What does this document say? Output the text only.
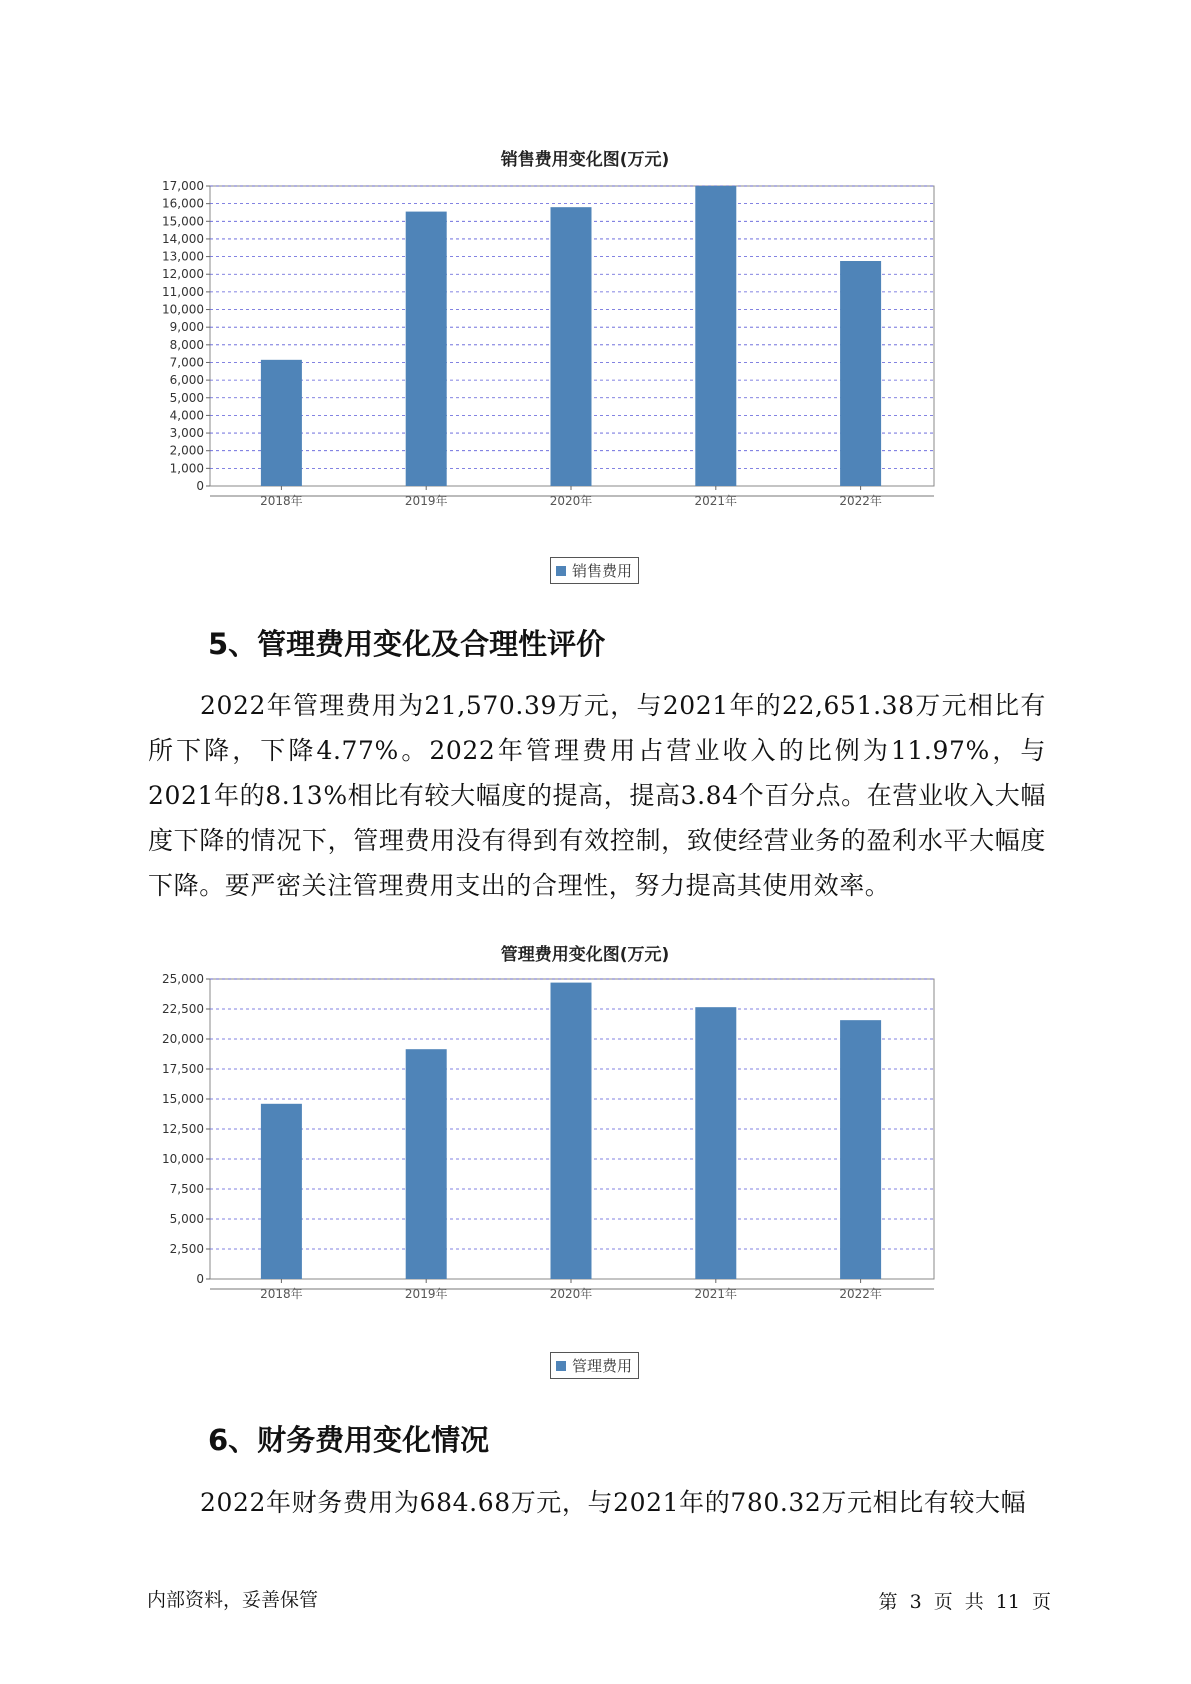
销售费用变化图(万元)
0
1,000
2,000
3,000
4,000
5,000
6,000
7,000
8,000
9,000
10,000
11,000
12,000
13,000
14,000
15,000
16,000
17,000
2018年	2019年	2020年	2021年	2022年
销售费用
5、管理费用变化及合理性评价

2022年管理费用为21,570.39万元，与2021年的22,651.38万元相比有所下降，下降4.77%。2022年管理费用占营业收入的比例为11.97%，与2021年的8.13%相比有较大幅度的提高，提高3.84个百分点。在营业收入大幅度下降的情况下，管理费用没有得到有效控制，致使经营业务的盈利水平大幅度下降。要严密关注管理费用支出的合理性，努力提高其使用效率。

管理费用变化图(万元)
0
2,500
5,000
7,500
10,000
12,500
15,000
17,500
20,000
22,500
25,000
2018年	2019年	2020年	2021年	2022年
管理费用
6、财务费用变化情况

2022年财务费用为684.68万元，与2021年的780.32万元相比有较大幅

内部资料，妥善保管	第 3 页 共 11 页
